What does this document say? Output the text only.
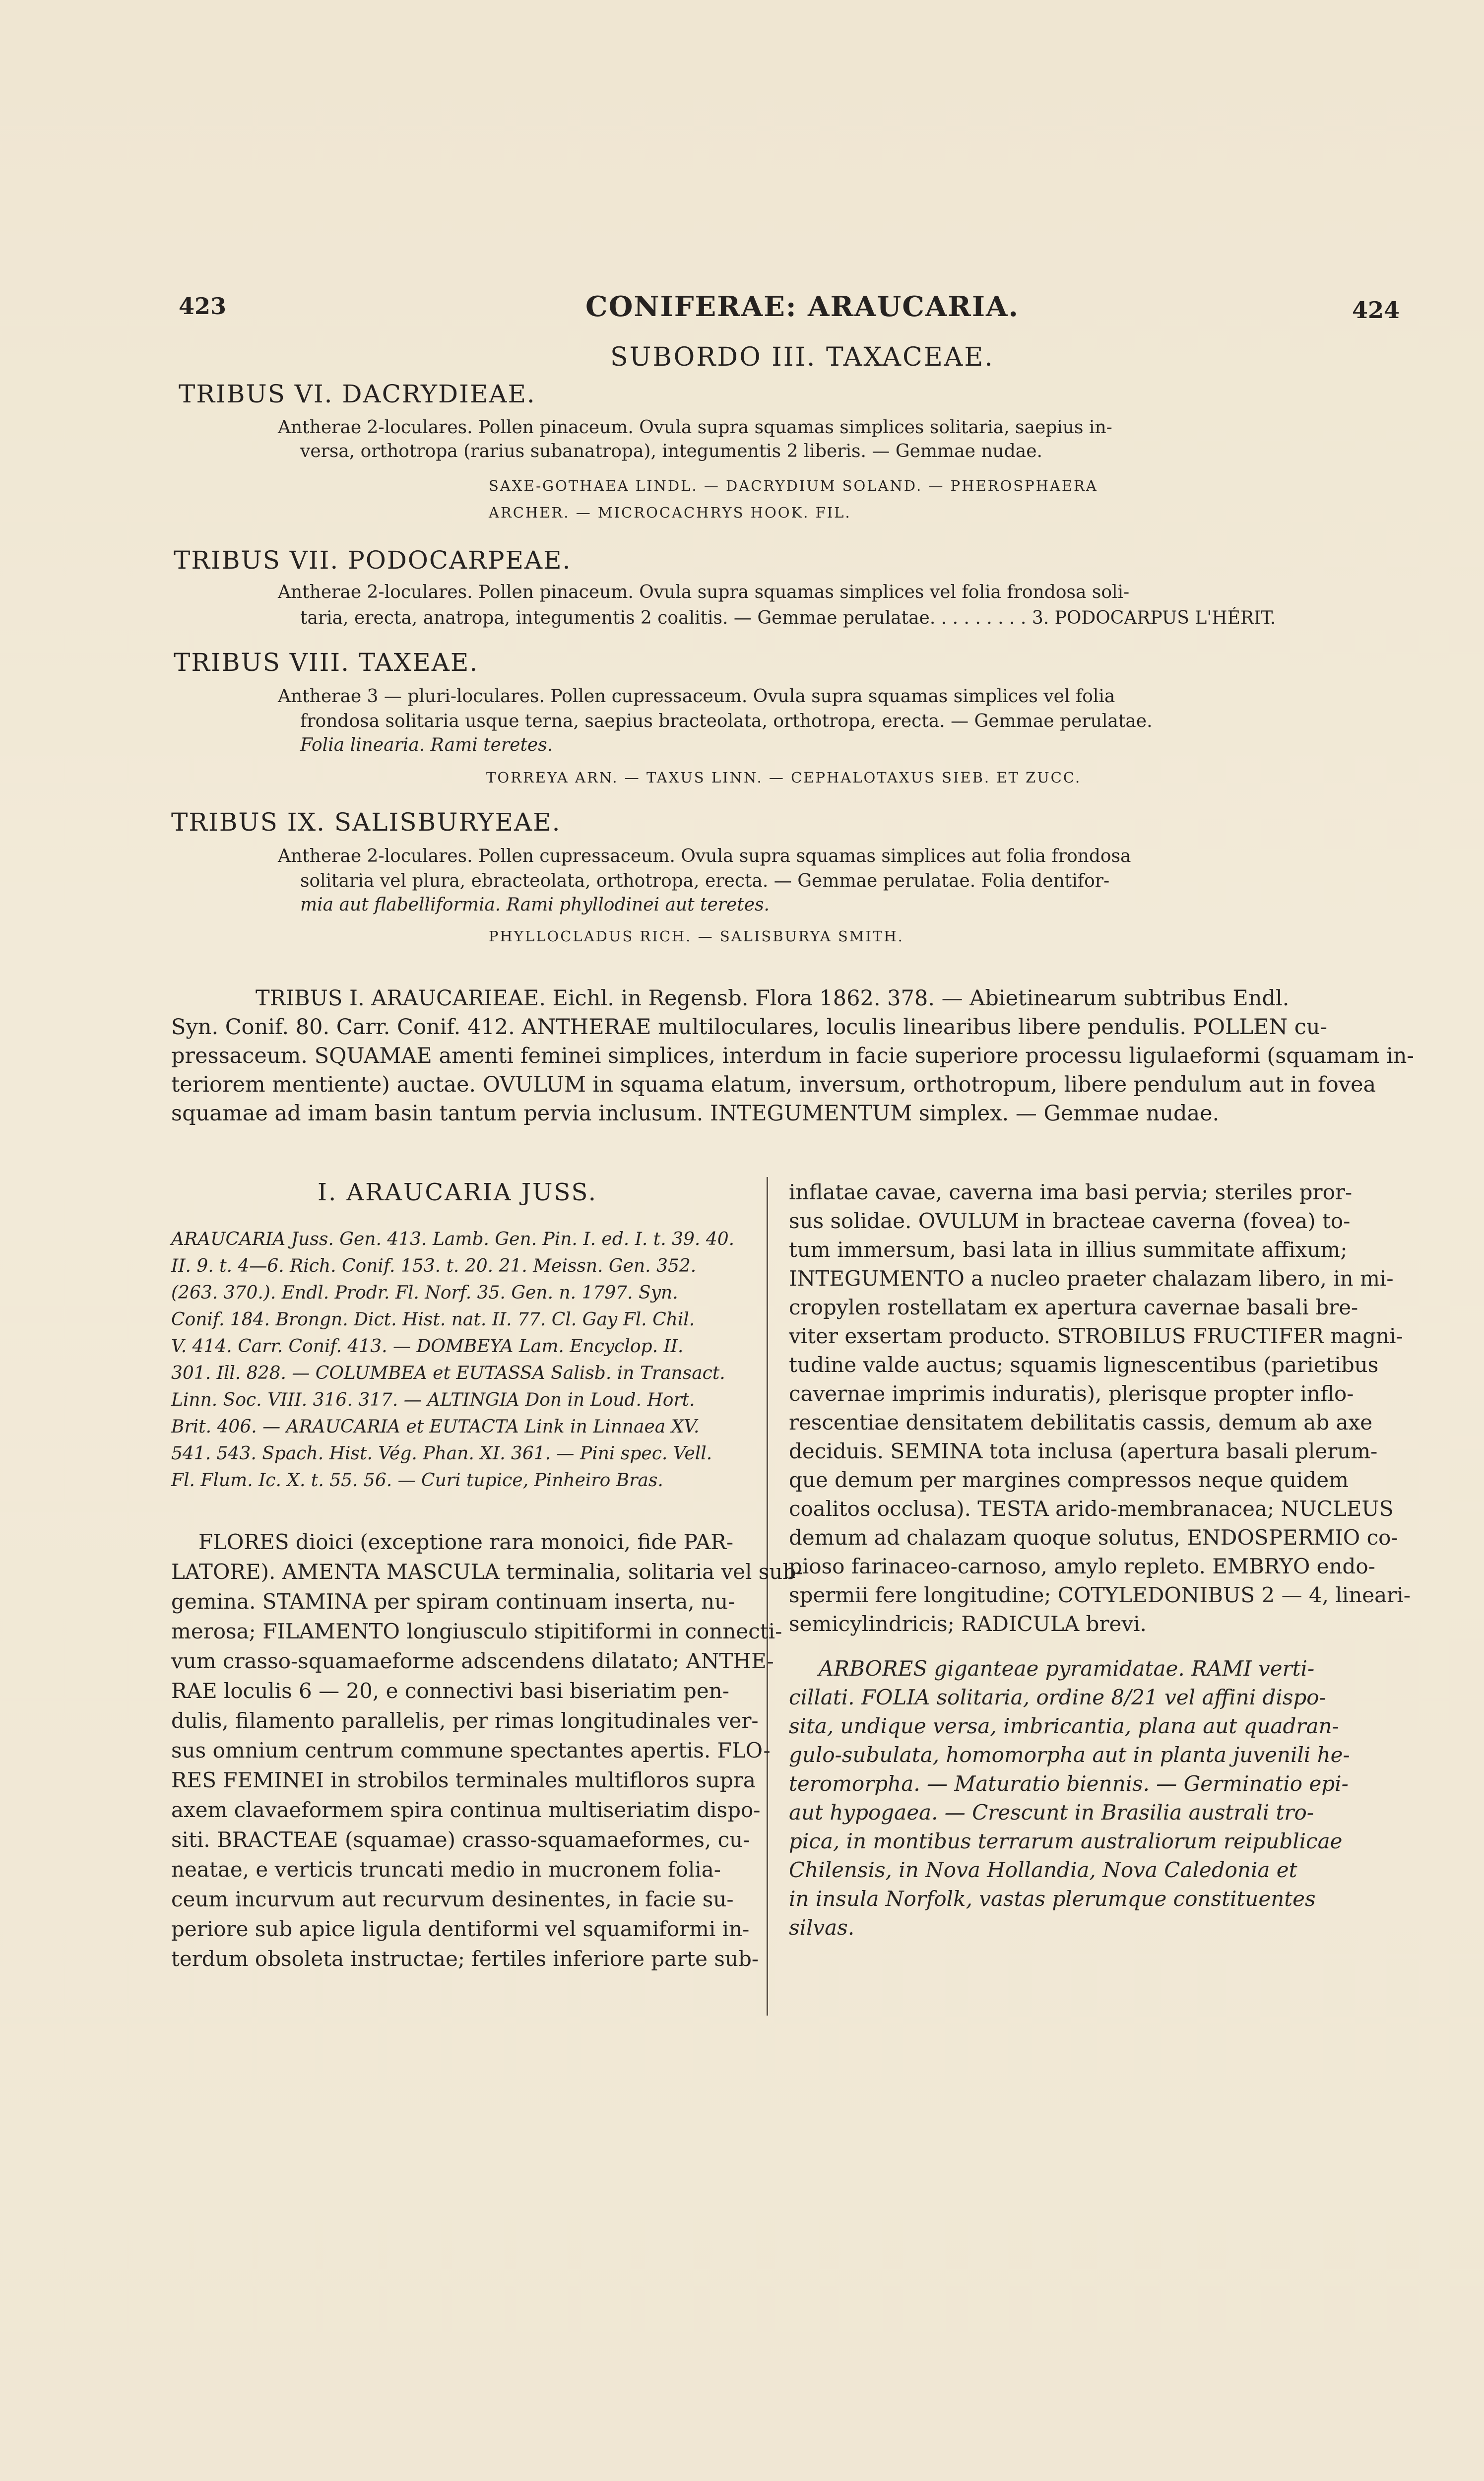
423	CONIFERAE: ARAUCARIA.	424
SUBORDO III. TAXACEAE.
TRIBUS VI. DACRYDIEAE.
Antherae 2-loculares. Pollen pinaceum. Ovula supra squamas simplices solitaria, saepius in-
versa, orthotropa (rarius subanatropa), integumentis 2 liberis. — Gemmae nudae.
SAXE-GOTHAEA LINDL. — DACRYDIUM SOLAND. — PHEROSPHAERA
ARCHER. — MICROCACHRYS HOOK. FIL.
TRIBUS VII. PODOCARPEAE.
Antherae 2-loculares. Pollen pinaceum. Ovula supra squamas simplices vel folia frondosa soli-
taria, erecta, anatropa, integumentis 2 coalitis. — Gemmae perulatae. . . . . . . . . 3. PODOCARPUS L'HÉRIT.
TRIBUS VIII. TAXEAE.
Antherae 3 — pluri-loculares. Pollen cupressaceum. Ovula supra squamas simplices vel folia
frondosa solitaria usque terna, saepius bracteolata, orthotropa, erecta. — Gemmae perulatae.
Folia linearia. Rami teretes.
TORREYA ARN. — TAXUS LINN. — CEPHALOTAXUS SIEB. ET ZUCC.
TRIBUS IX. SALISBURYEAE.
Antherae 2-loculares. Pollen cupressaceum. Ovula supra squamas simplices aut folia frondosa
solitaria vel plura, ebracteolata, orthotropa, erecta. — Gemmae perulatae. Folia dentifor-
mia aut flabelliformia. Rami phyllodinei aut teretes.
PHYLLOCLADUS RICH. — SALISBURYA SMITH.
TRIBUS I. ARAUCARIEAE. Eichl. in Regensb. Flora 1862. 378. — Abietinearum subtribus Endl.
Syn. Conif. 80. Carr. Conif. 412. ANTHERAE multiloculares, loculis linearibus libere pendulis. POLLEN cu-
pressaceum. SQUAMAE amenti feminei simplices, interdum in facie superiore processu ligulaeformi (squamam in-
teriorem mentiente) auctae. OVULUM in squama elatum, inversum, orthotropum, libere pendulum aut in fovea
squamae ad imam basin tantum pervia inclusum. INTEGUMENTUM simplex. — Gemmae nudae.
I. ARAUCARIA JUSS.
ARAUCARIA Juss. Gen. 413. Lamb. Gen. Pin. I. ed. I. t. 39. 40.
II. 9. t. 4—6. Rich. Conif. 153. t. 20. 21. Meissn. Gen. 352.
(263. 370.). Endl. Prodr. Fl. Norf. 35. Gen. n. 1797. Syn.
Conif. 184. Brongn. Dict. Hist. nat. II. 77. Cl. Gay Fl. Chil.
V. 414. Carr. Conif. 413. — DOMBEYA Lam. Encyclop. II.
301. Ill. 828. — COLUMBEA et EUTASSA Salisb. in Transact.
Linn. Soc. VIII. 316. 317. — ALTINGIA Don in Loud. Hort.
Brit. 406. — ARAUCARIA et EUTACTA Link in Linnaea XV.
541. 543. Spach. Hist. Vég. Phan. XI. 361. — Pini spec. Vell.
Fl. Flum. Ic. X. t. 55. 56. — Curi tupice, Pinheiro Bras.
FLORES dioici (exceptione rara monoici, fide PAR-
LATORE). AMENTA MASCULA terminalia, solitaria vel sub-
gemina. STAMINA per spiram continuam inserta, nu-
merosa; FILAMENTO longiusculo stipitiformi in connecti-
vum crasso-squamaeforme adscendens dilatato; ANTHE-
RAE loculis 6 — 20, e connectivi basi biseriatim pen-
dulis, filamento parallelis, per rimas longitudinales ver-
sus omnium centrum commune spectantes apertis. FLO-
RES FEMINEI in strobilos terminales multifloros supra
axem clavaeformem spira continua multiseriatim dispo-
siti. BRACTEAE (squamae) crasso-squamaeformes, cu-
neatae, e verticis truncati medio in mucronem folia-
ceum incurvum aut recurvum desinentes, in facie su-
periore sub apice ligula dentiformi vel squamiformi in-
terdum obsoleta instructae; fertiles inferiore parte sub-
inflatae cavae, caverna ima basi pervia; steriles pror-
sus solidae. OVULUM in bracteae caverna (fovea) to-
tum immersum, basi lata in illius summitate affixum;
INTEGUMENTO a nucleo praeter chalazam libero, in mi-
cropylen rostellatam ex apertura cavernae basali bre-
viter exsertam producto. STROBILUS FRUCTIFER magni-
tudine valde auctus; squamis lignescentibus (parietibus
cavernae imprimis induratis), plerisque propter inflo-
rescentiae densitatem debilitatis cassis, demum ab axe
deciduis. SEMINA tota inclusa (apertura basali plerum-
que demum per margines compressos neque quidem
coalitos occlusa). TESTA arido-membranacea; NUCLEUS
demum ad chalazam quoque solutus, ENDOSPERMIO co-
pioso farinaceo-carnoso, amylo repleto. EMBRYO endo-
spermii fere longitudine; COTYLEDONIBUS 2 — 4, lineari-
semicylindricis; RADICULA brevi.
ARBORES giganteae pyramidatae. RAMI verti-
cillati. FOLIA solitaria, ordine 8/21 vel affini dispo-
sita, undique versa, imbricantia, plana aut quadran-
gulo-subulata, homomorpha aut in planta juvenili he-
teromorpha. — Maturatio biennis. — Germinatio epi-
aut hypogaea. — Crescunt in Brasilia australi tro-
pica, in montibus terrarum australiorum reipublicae
Chilensis, in Nova Hollandia, Nova Caledonia et
in insula Norfolk, vastas plerumque constituentes
silvas.
